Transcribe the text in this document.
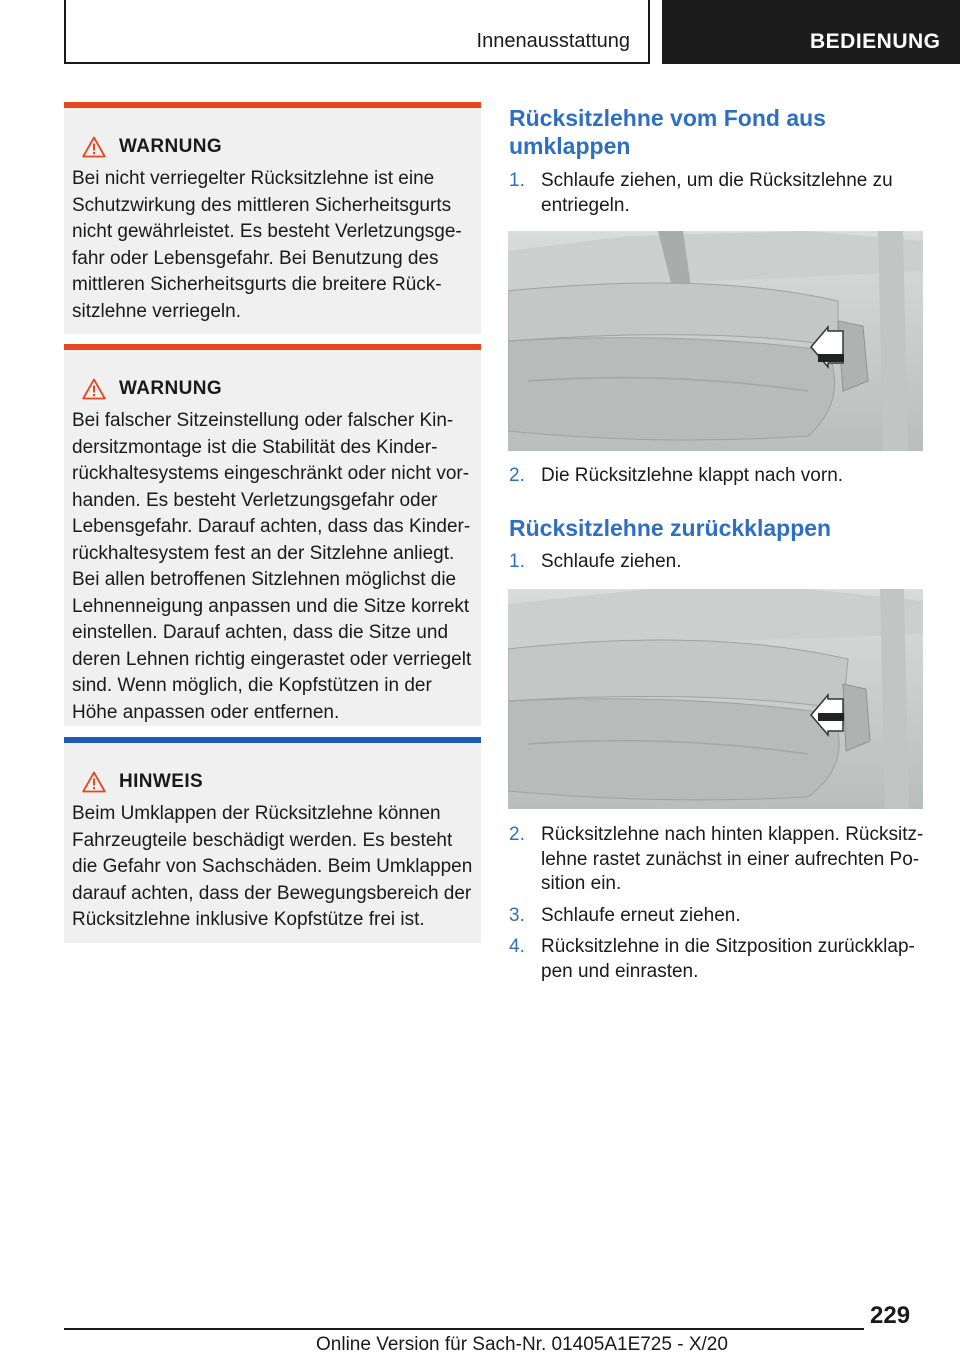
Innenausstattung	BEDIENUNG
WARNUNG
Bei nicht verriegelter Rücksitzlehne ist eine Schutzwirkung des mittleren Sicherheitsgurts nicht gewährleistet. Es besteht Verletzungsgefahr oder Lebensgefahr. Bei Benutzung des mittleren Sicherheitsgurts die breitere Rücksitzlehne verriegeln.
WARNUNG
Bei falscher Sitzeinstellung oder falscher Kindersitzmontage ist die Stabilität des Kinderrückhaltesystems eingeschränkt oder nicht vorhanden. Es besteht Verletzungsgefahr oder Lebensgefahr. Darauf achten, dass das Kinderrückhaltesystem fest an der Sitzlehne anliegt. Bei allen betroffenen Sitzlehnen möglichst die Lehnenneigung anpassen und die Sitze korrekt einstellen. Darauf achten, dass die Sitze und deren Lehnen richtig eingerastet oder verriegelt sind. Wenn möglich, die Kopfstützen in der Höhe anpassen oder entfernen.
HINWEIS
Beim Umklappen der Rücksitzlehne können Fahrzeugteile beschädigt werden. Es besteht die Gefahr von Sachschäden. Beim Umklappen darauf achten, dass der Bewegungsbereich der Rücksitzlehne inklusive Kopfstütze frei ist.
Rücksitzlehne vom Fond aus umklappen
1. Schlaufe ziehen, um die Rücksitzlehne zu entriegeln.
2. Die Rücksitzlehne klappt nach vorn.
Rücksitzlehne zurückklappen
1. Schlaufe ziehen.
2. Rücksitzlehne nach hinten klappen. Rücksitzlehne rastet zunächst in einer aufrechten Position ein.
3. Schlaufe erneut ziehen.
4. Rücksitzlehne in die Sitzposition zurückklappen und einrasten.
229
Online Version für Sach-Nr. 01405A1E725 - X/20
